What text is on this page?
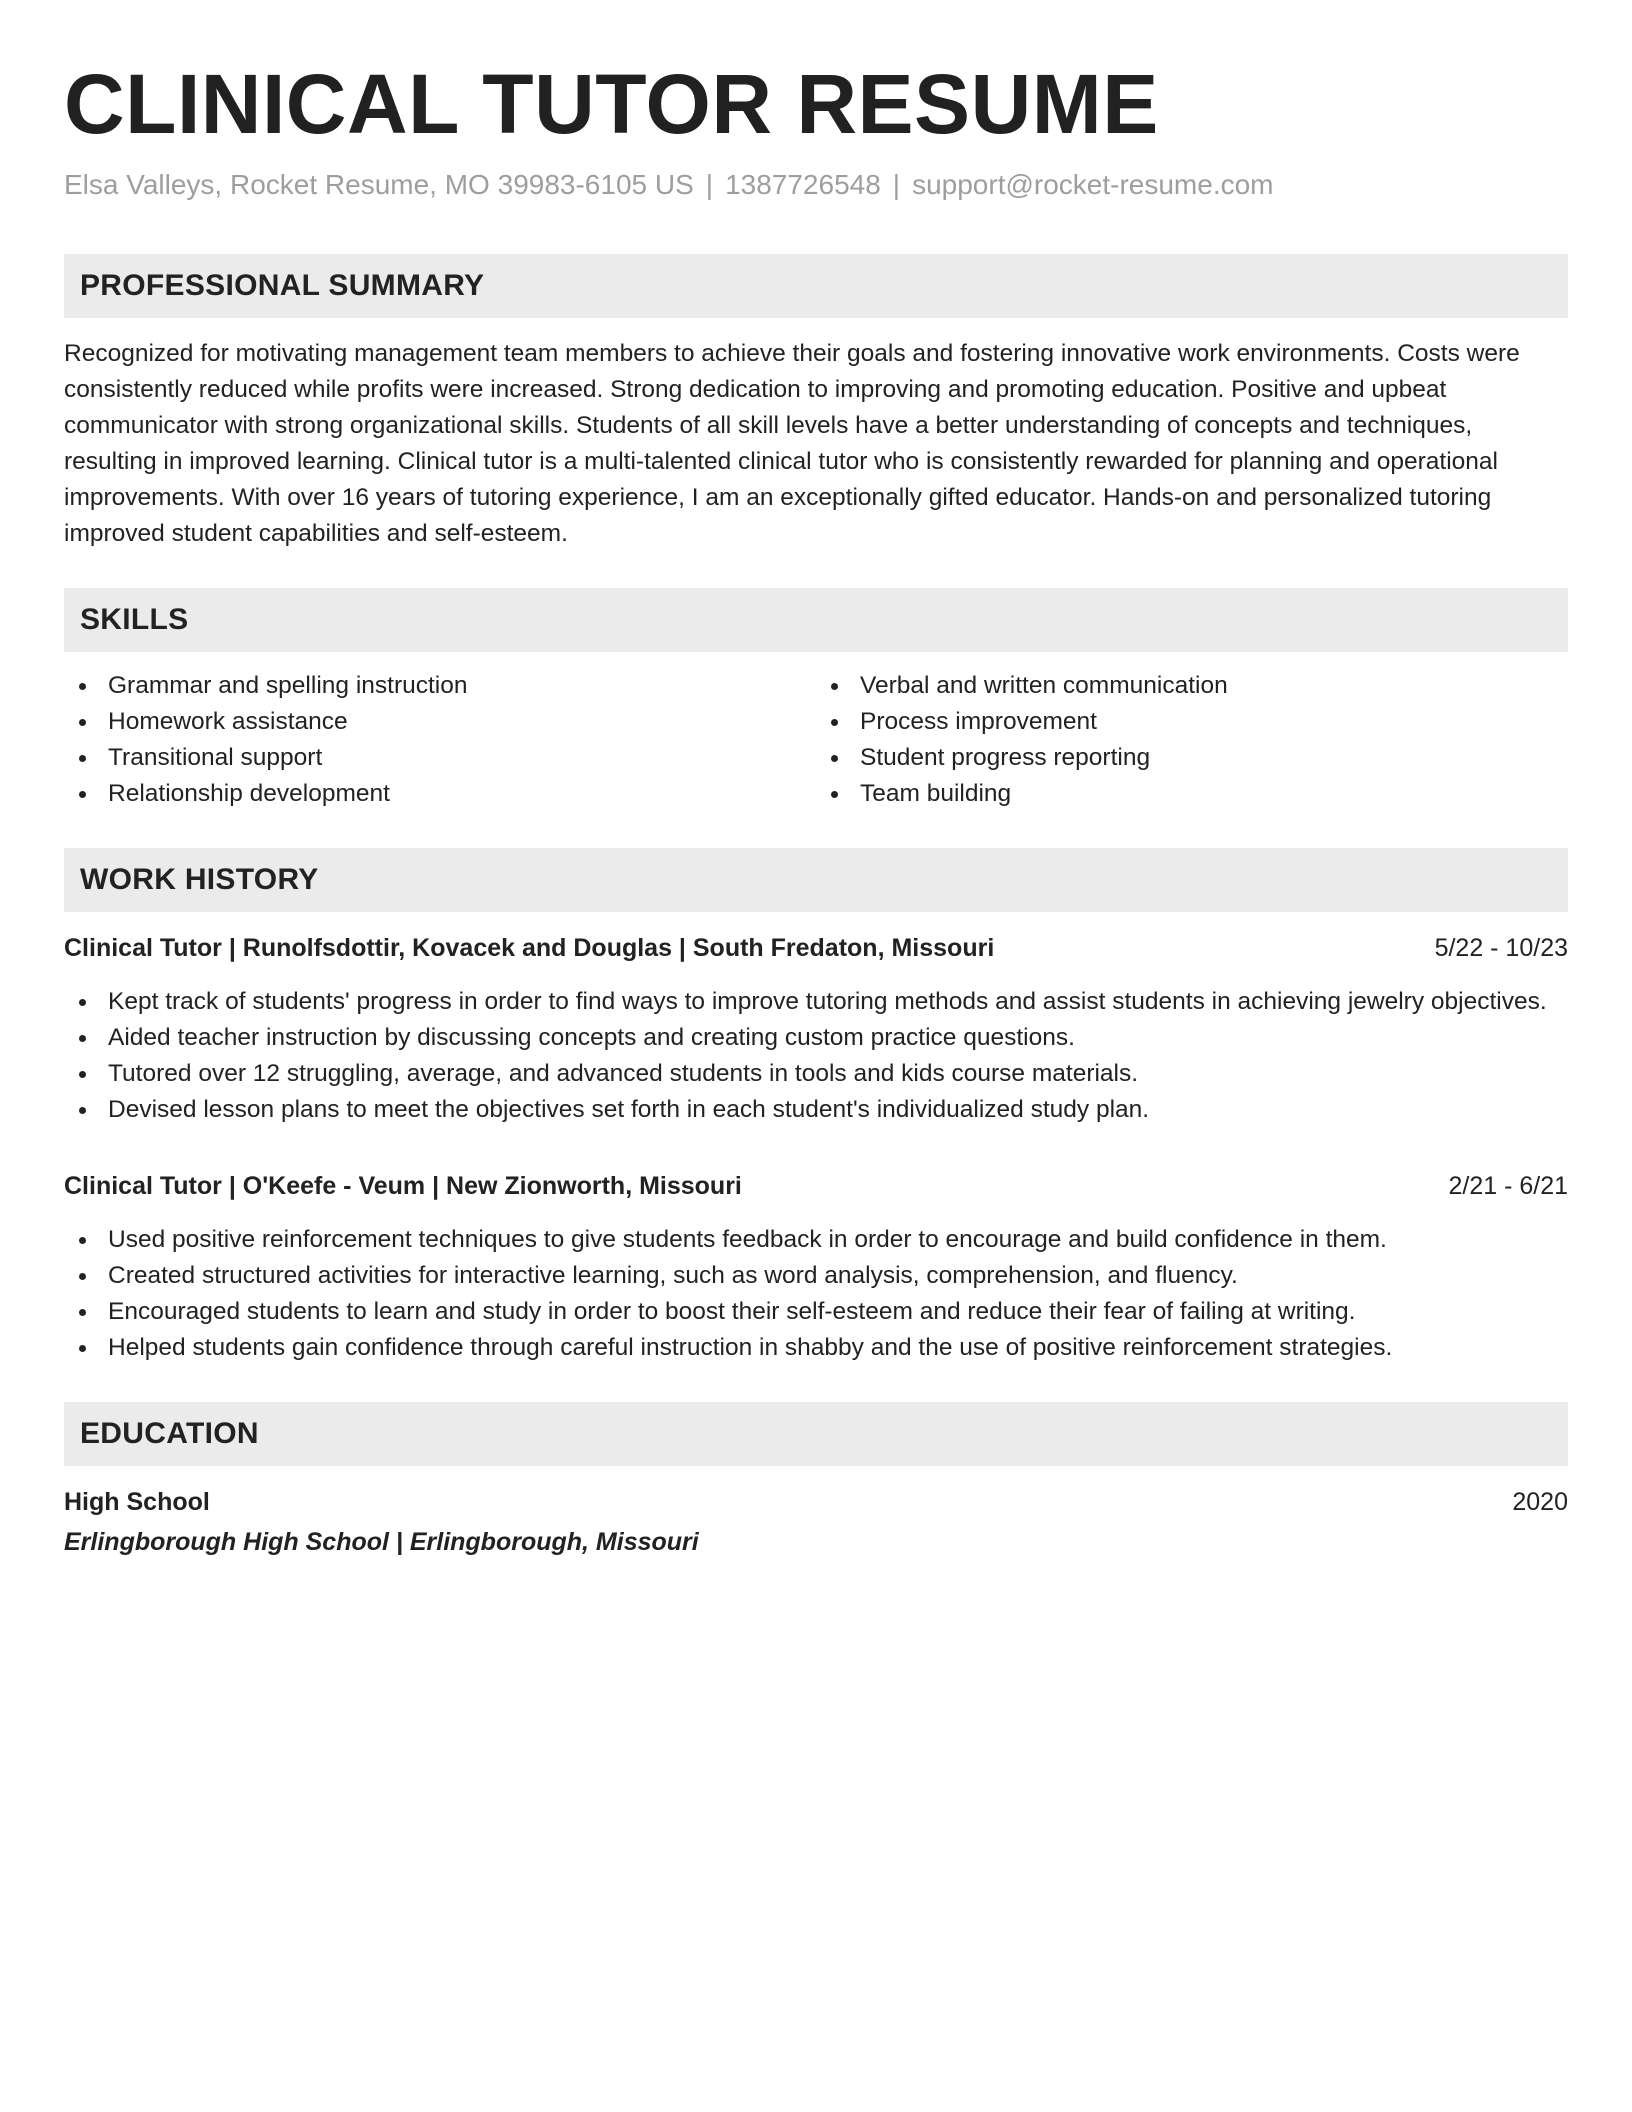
CLINICAL TUTOR RESUME
Elsa Valleys, Rocket Resume, MO 39983-6105 US | 1387726548 | support@rocket-resume.com
PROFESSIONAL SUMMARY

Recognized for motivating management team members to achieve their goals and fostering innovative work environments. Costs were consistently reduced while profits were increased. Strong dedication to improving and promoting education. Positive and upbeat communicator with strong organizational skills. Students of all skill levels have a better understanding of concepts and techniques, resulting in improved learning. Clinical tutor is a multi-talented clinical tutor who is consistently rewarded for planning and operational improvements. With over 16 years of tutoring experience, I am an exceptionally gifted educator. Hands-on and personalized tutoring improved student capabilities and self-esteem.

SKILLS
Grammar and spelling instruction
Homework assistance
Transitional support
Relationship development
Verbal and written communication
Process improvement
Student progress reporting
Team building
WORK HISTORY
Clinical Tutor | Runolfsdottir, Kovacek and Douglas | South Fredaton, Missouri	5/22 - 10/23
Kept track of students' progress in order to find ways to improve tutoring methods and assist students in achieving jewelry objectives.
Aided teacher instruction by discussing concepts and creating custom practice questions.
Tutored over 12 struggling, average, and advanced students in tools and kids course materials.
Devised lesson plans to meet the objectives set forth in each student's individualized study plan.
Clinical Tutor | O'Keefe - Veum | New Zionworth, Missouri	2/21 - 6/21
Used positive reinforcement techniques to give students feedback in order to encourage and build confidence in them.
Created structured activities for interactive learning, such as word analysis, comprehension, and fluency.
Encouraged students to learn and study in order to boost their self-esteem and reduce their fear of failing at writing.
Helped students gain confidence through careful instruction in shabby and the use of positive reinforcement strategies.
EDUCATION
High School	2020
Erlingborough High School | Erlingborough, Missouri
